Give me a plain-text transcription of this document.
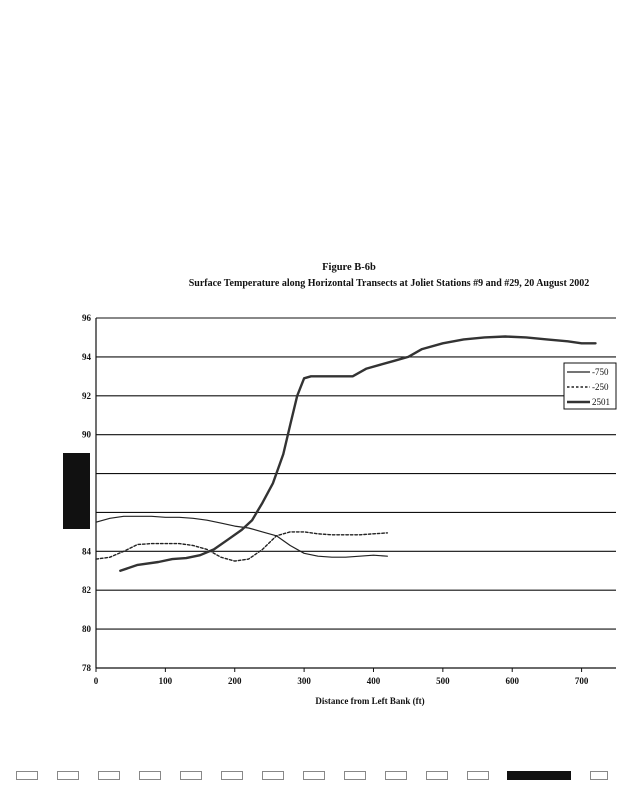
Figure B-6b
Surface Temperature along Horizontal Transects at Joliet Stations #9 and #29, 20 August 2002
78
80
82
84
90
92
94
96
0	100	200	300	400	500	600	700
-750
-250
2501
Distance from Left Bank (ft)
